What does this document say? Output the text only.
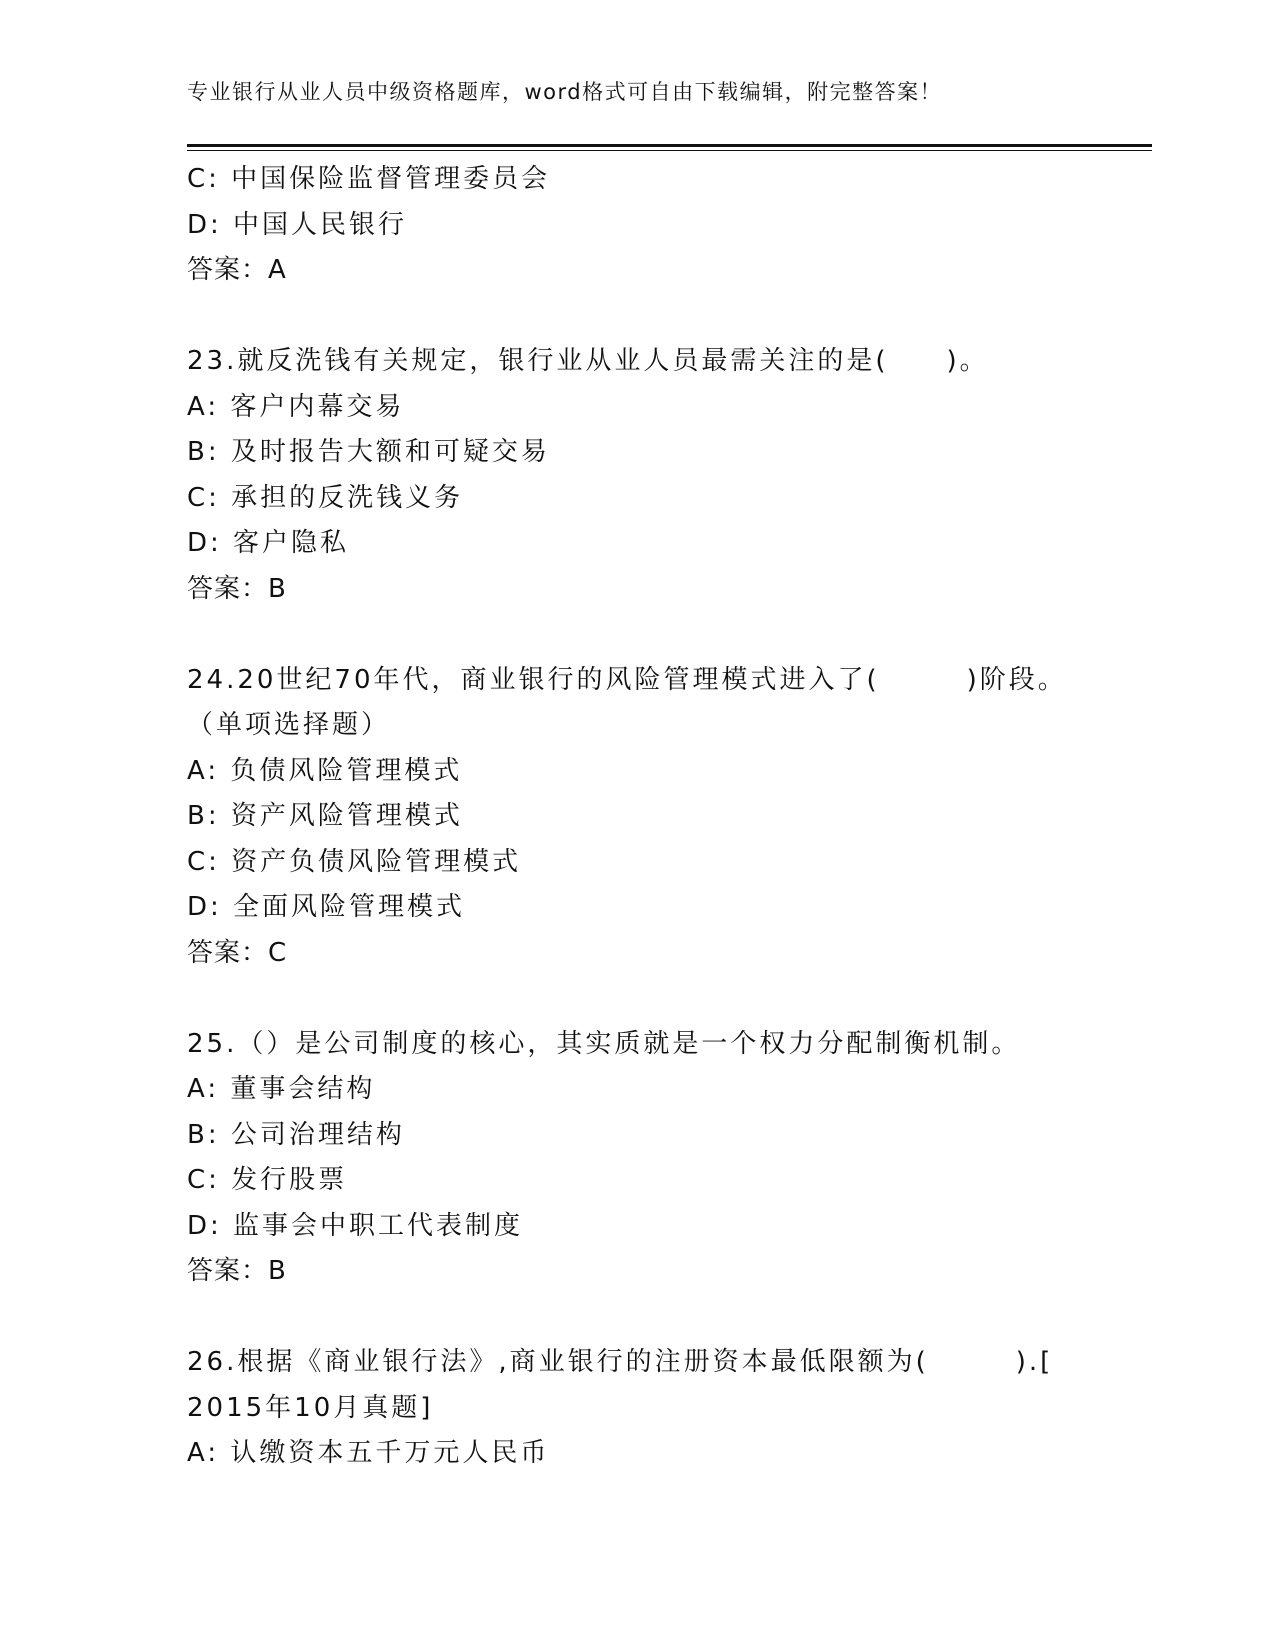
专业银行从业人员中级资格题库，word格式可自由下载编辑，附完整答案！
C: 中国保险监督管理委员会
D: 中国人民银行
答案：A
23.就反洗钱有关规定，银行业从业人员最需关注的是(　　)。
A: 客户内幕交易
B: 及时报告大额和可疑交易
C: 承担的反洗钱义务
D: 客户隐私
答案：B
24.20世纪70年代，商业银行的风险管理模式进入了(　　　)阶段。
（单项选择题）
A: 负债风险管理模式
B: 资产风险管理模式
C: 资产负债风险管理模式
D: 全面风险管理模式
答案：C
25.（）是公司制度的核心，其实质就是一个权力分配制衡机制。
A: 董事会结构
B: 公司治理结构
C: 发行股票
D: 监事会中职工代表制度
答案：B
26.根据《商业银行法》,商业银行的注册资本最低限额为(　　　).[
2015年10月真题]
A: 认缴资本五千万元人民币
